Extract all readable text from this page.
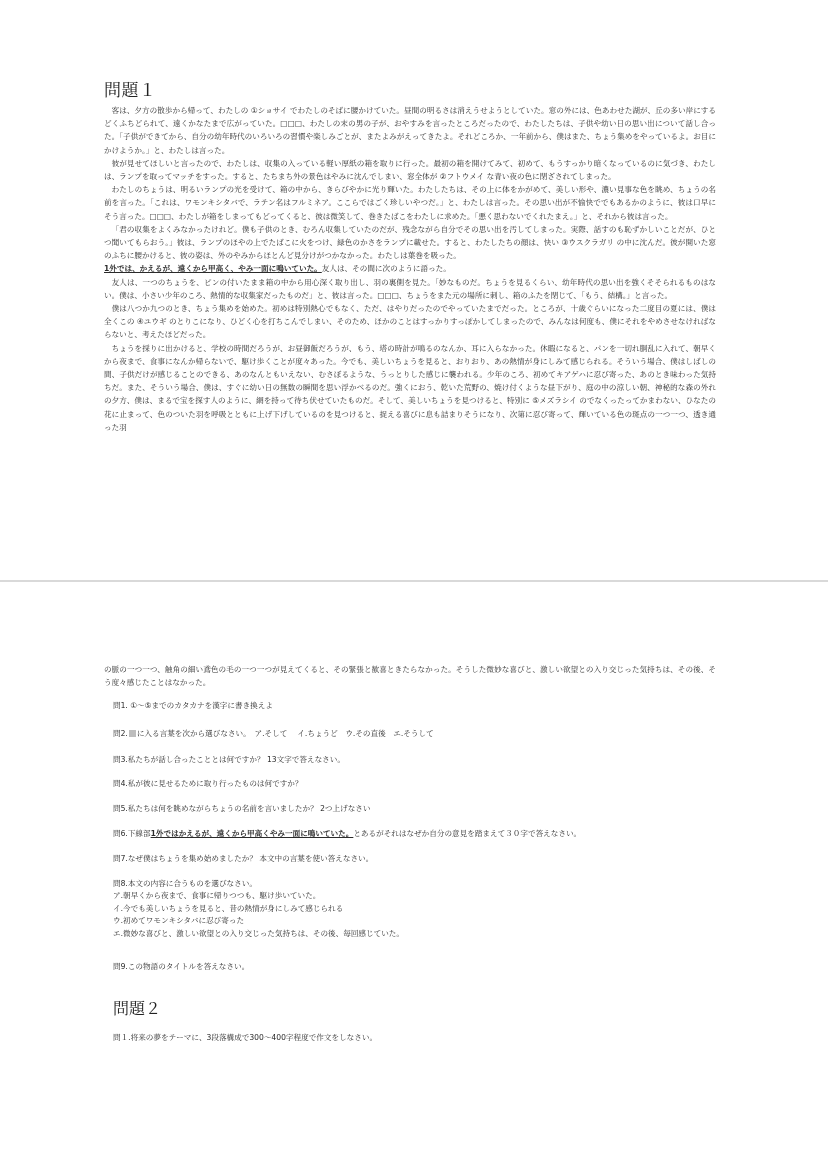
問題１

客は、夕方の散歩から帰って、わたしの ①ショサイ でわたしのそばに腰かけていた。昼間の明るさは消えうせようとしていた。窓の外には、色あわせた湖が、丘の多い岸にするどくふちどられて、遠くかなたまで広がっていた。□□□、わたしの末の男の子が、おやすみを言ったところだったので、わたしたちは、子供や幼い日の思い出について話し合った。「子供ができてから、自分の幼年時代のいろいろの習慣や楽しみごとが、またよみがえってきたよ。それどころか、一年前から、僕はまた、ちょう集めをやっているよ。お目にかけようか。」と、わたしは言った。

彼が見せてほしいと言ったので、わたしは、収集の入っている軽い厚紙の箱を取りに行った。最初の箱を開けてみて、初めて、もうすっかり暗くなっているのに気づき、わたしは、ランプを取ってマッチをすった。すると、たちまち外の景色はやみに沈んでしまい、窓全体が ②フトウメイ な青い夜の色に閉ざされてしまった。

わたしのちょうは、明るいランプの光を受けて、箱の中から、きらびやかに光り輝いた。わたしたちは、その上に体をかがめて、美しい形や、濃い見事な色を眺め、ちょうの名前を言った。「これは、ワモンキシタバで、ラテン名はフルミネア。ここらではごく珍しいやつだ。」と、わたしは言った。その思い出が不愉快ででもあるかのように、彼は口早にそう言った。□□□、わたしが箱をしまってもどってくると、彼は微笑して、巻きたばこをわたしに求めた。「悪く思わないでくれたまえ。」と、それから彼は言った。

「君の収集をよくみなかったけれど。僕も子供のとき、むろん収集していたのだが、残念ながら自分でその思い出を汚してしまった。実際、話すのも恥ずかしいことだが、ひとつ聞いてもらおう。」彼は、ランプのほやの上でたばこに火をつけ、緑色のかさをランプに載せた。すると、わたしたちの顔は、快い ③ウスクラガリ の中に沈んだ。彼が開いた窓のふちに腰かけると、彼の姿は、外のやみからほとんど見分けがつかなかった。わたしは葉巻を吸った。

1外では、かえるが、遠くから甲高く、やみ一面に鳴いていた。友人は、その間に次のように語った。

友人は、一つのちょうを、ピンの付いたまま箱の中から用心深く取り出し、羽の裏側を見た。「妙なものだ。ちょうを見るくらい、幼年時代の思い出を強くそそられるものはない。僕は、小さい少年のころ、熱情的な収集家だったものだ」と、彼は言った。□□□、ちょうをまた元の場所に刺し、箱のふたを閉じて、「もう、結構。」と言った。

僕は八つか九つのとき、ちょう集めを始めた。初めは特別熱心でもなく、ただ、はやりだったのでやっていたまでだった。ところが、十歳ぐらいになった二度目の夏には、僕は全くこの ④ユウギ のとりこになり、ひどく心を打ちこんでしまい、そのため、ほかのことはすっかりすっぽかしてしまったので、みんなは何度も、僕にそれをやめさせなければならないと、考えたほどだった。

ちょうを採りに出かけると、学校の時間だろうが、お昼御飯だろうが、もう、塔の時計が鳴るのなんか、耳に入らなかった。休暇になると、パンを一切れ胴乱に入れて、朝早くから夜まで、食事になんか帰らないで、駆け歩くことが度々あった。今でも、美しいちょうを見ると、おりおり、あの熱情が身にしみて感じられる。そういう場合、僕はしばしの間、子供だけが感じることのできる、あのなんともいえない、むさぼるような、うっとりした感じに襲われる。少年のころ、初めてキアゲハに忍び寄った、あのとき味わった気持ちだ。また、そういう場合、僕は、すぐに幼い日の無数の瞬間を思い浮かべるのだ。強くにおう、乾いた荒野の、焼け付くような昼下がり、庭の中の涼しい朝、神秘的な森の外れの夕方、僕は、まるで宝を探す人のように、網を持って待ち伏せていたものだ。そして、美しいちょうを見つけると、特別に ⑤メズラシイ のでなくったってかまわない、ひなたの花に止まって、色のついた羽を呼吸とともに上げ下げしているのを見つけると、捉える喜びに息も詰まりそうになり、次第に忍び寄って、輝いている色の斑点の一つ一つ、透き通った羽

の脈の一つ一つ、触角の細い鳶色の毛の一つ一つが見えてくると、その緊張と歓喜ときたらなかった。そうした微妙な喜びと、激しい欲望との入り交じった気持ちは、その後、そう度々感じたことはなかった。

問1. ①〜⑤までのカタカナを漢字に書き換えよ
問2. に入る言葉を次から選びなさい。　ア.そして　 イ.ちょうど　ウ.その直後　エ.そうして
問3.私たちが話し合ったこととは何ですか？ 13文字で答えなさい。
問4.私が彼に見せるために取り行ったものは何ですか？
問5.私たちは何を眺めながらちょうの名前を言いましたか？ 2つ上げなさい
問6.下線部1外ではかえるが、遠くから甲高くやみ一面に鳴いていた。とあるがそれはなぜか自分の意見を踏まえて３０字で答えなさい。
問7.なぜ僕はちょうを集め始めましたか？ 本文中の言葉を使い答えなさい。
問8.本文の内容に合うものを選びなさい。
ア.朝早くから夜まで、食事に帰りつつも、駆け歩いていた。
イ.今でも美しいちょうを見ると、昔の熱情が身にしみて感じられる
ウ.初めてワモンキシタバに忍び寄った
エ.微妙な喜びと、激しい欲望との入り交じった気持ちは、その後、毎回感じていた。
問9.この物語のタイトルを答えなさい。
問題２
問１.将来の夢をテーマに、3段落構成で300〜400字程度で作文をしなさい。
